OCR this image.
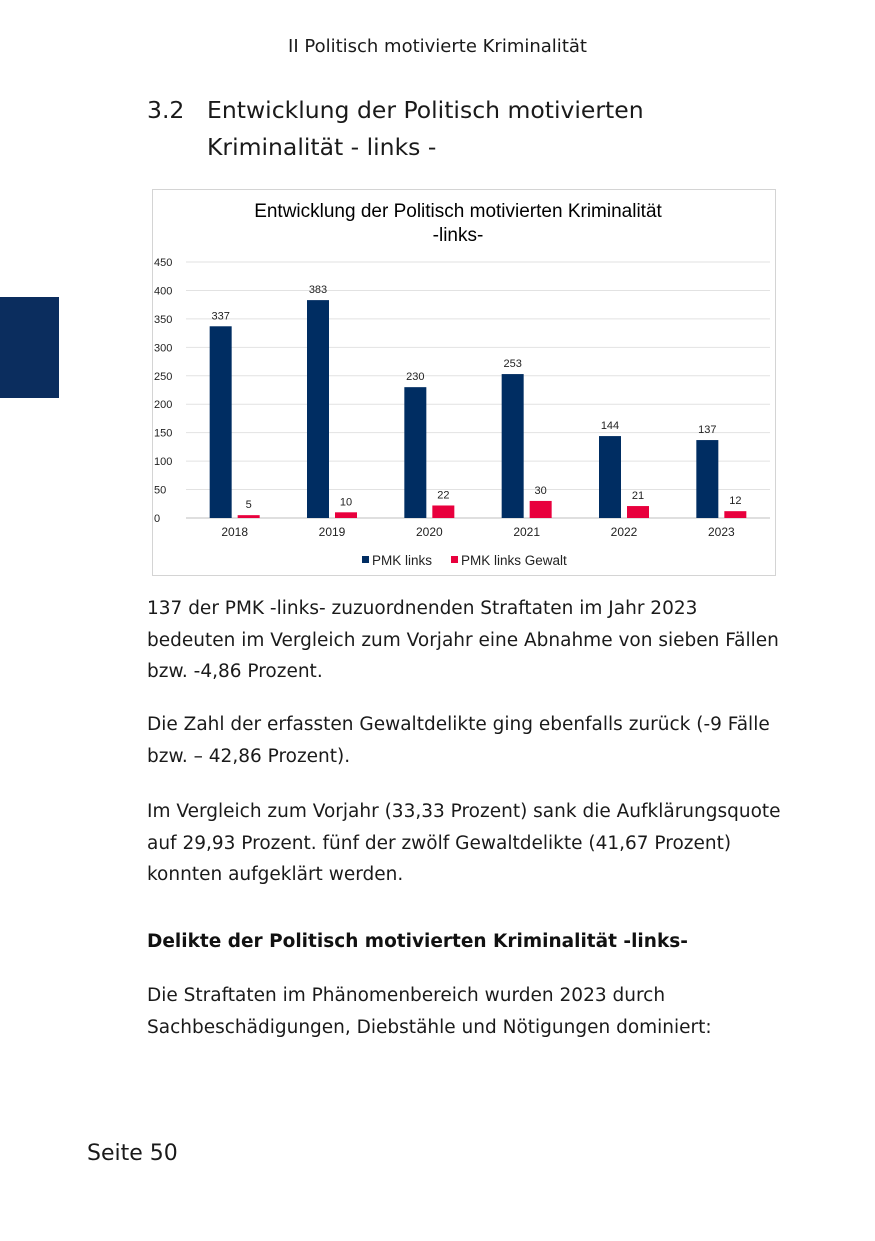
II Politisch motivierte Kriminalität
3.2 Entwicklung der Politisch motivierten Kriminalität - links -
Entwicklung der Politisch motivierten Kriminalität
-links-
0
50
100
150
200
250
300
350
400
450
337
5
383
10
230
22
253
30
144
21
137
12
2018	2019	2020	2021	2022	2023
PMK links PMK links Gewalt

137 der PMK -links- zuzuordnenden Straftaten im Jahr 2023 bedeuten im Vergleich zum Vorjahr eine Abnahme von sieben Fällen bzw. -4,86 Prozent.

Die Zahl der erfassten Gewaltdelikte ging ebenfalls zurück (-9 Fälle bzw. – 42,86 Prozent).

Im Vergleich zum Vorjahr (33,33 Prozent) sank die Aufklärungsquote auf 29,93 Prozent. fünf der zwölf Gewaltdelikte (41,67 Prozent) konnten aufgeklärt werden.

Delikte der Politisch motivierten Kriminalität -links-

Die Straftaten im Phänomenbereich wurden 2023 durch Sachbeschädigungen, Diebstähle und Nötigungen dominiert:

Seite 50
